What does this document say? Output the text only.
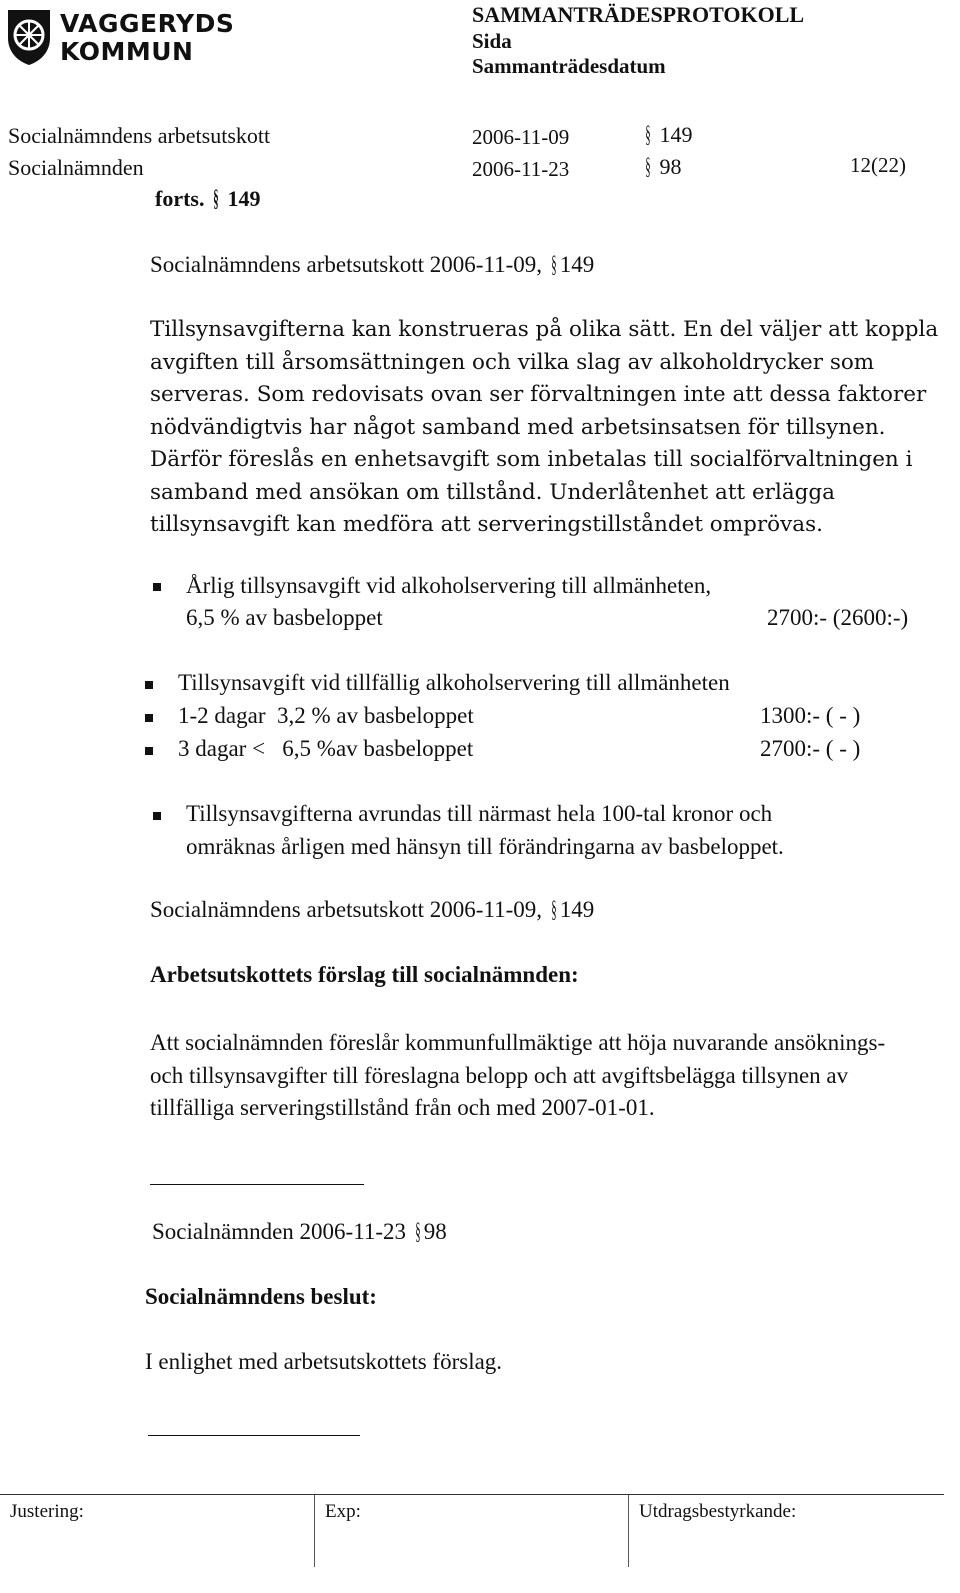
VAGGERYDS
KOMMUN
SAMMANTRÄDESPROTOKOLL
Sida
Sammanträdesdatum
Socialnämndens arbetsutskott	2006-11-09	§ 149
Socialnämnden	2006-11-23	§ 98	12(22)
forts. § 149
Socialnämndens arbetsutskott 2006-11-09, § 149

Tillsynsavgifterna kan konstrueras på olika sätt. En del väljer att koppla avgiften till årsomsättningen och vilka slag av alkoholdrycker som serveras. Som redovisats ovan ser förvaltningen inte att dessa faktorer nödvändigtvis har något samband med arbetsinsatsen för tillsynen. Därför föreslås en enhetsavgift som inbetalas till socialförvaltningen i samband med ansökan om tillstånd. Underlåtenhet att erlägga tillsynsavgift kan medföra att serveringstillståndet omprövas.

Årlig tillsynsavgift vid alkoholservering till allmänheten,
6,5 % av basbeloppet	2700:- (2600:-)
Tillsynsavgift vid tillfällig alkoholservering till allmänheten
1-2 dagar  3,2 % av basbeloppet	1300:- ( - )
3 dagar <   6,5 %av basbeloppet	2700:- ( - )
Tillsynsavgifterna avrundas till närmast hela 100-tal kronor och
omräknas årligen med hänsyn till förändringarna av basbeloppet.
Socialnämndens arbetsutskott 2006-11-09, § 149
Arbetsutskottets förslag till socialnämnden:

Att socialnämnden föreslår kommunfullmäktige att höja nuvarande ansöknings- och tillsynsavgifter till föreslagna belopp och att avgiftsbelägga tillsynen av tillfälliga serveringstillstånd från och med 2007-01-01.

Socialnämnden 2006-11-23 § 98
Socialnämndens beslut:
I enlighet med arbetsutskottets förslag.
Justering:	Exp:	Utdragsbestyrkande:
